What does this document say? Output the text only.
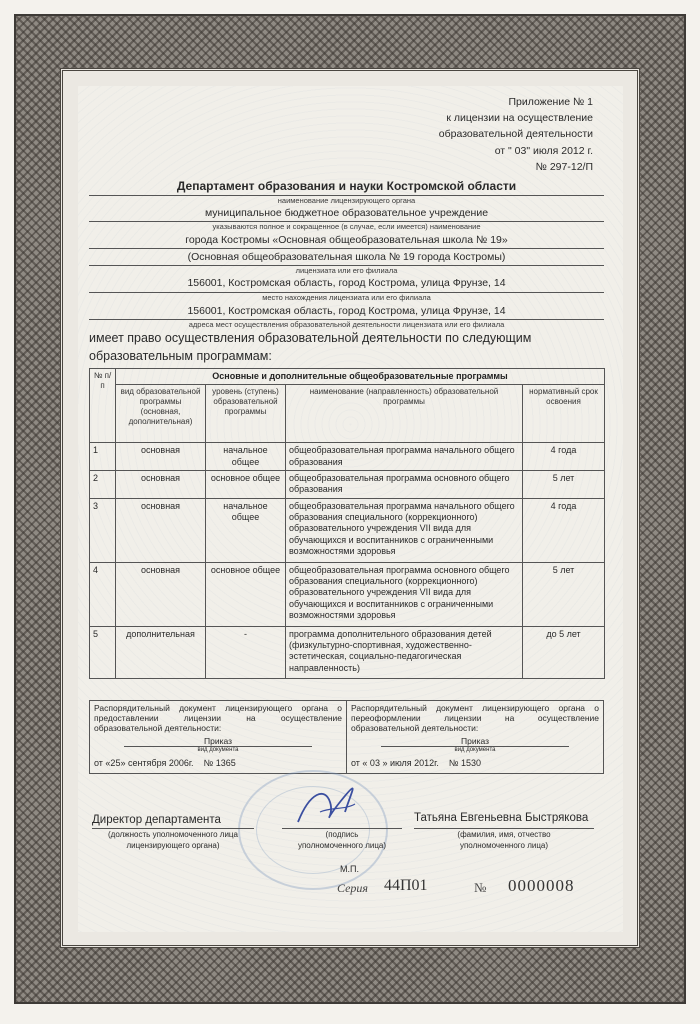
Приложение № 1
к лицензии на осуществление
образовательной деятельности
от " 03" июля 2012 г.
№ 297-12/П
Департамент образования и науки Костромской области
наименование лицензирующего органа
муниципальное бюджетное образовательное учреждение
указываются полное и сокращенное (в случае, если имеется) наименование
города Костромы «Основная общеобразовательная школа № 19»
(Основная общеобразовательная школа № 19 города Костромы)
лицензиата или его филиала
156001, Костромская область, город Кострома, улица Фрунзе, 14
место нахождения лицензиата или его филиала
156001, Костромская область, город Кострома, улица Фрунзе, 14
адреса мест осуществления образовательной деятельности лицензиата или его филиала
имеет право осуществления образовательной деятельности по следующим
образовательным программам:
№ п/п	Основные и дополнительные общеобразовательные программы			
	вид образовательной программы (основная, дополнительная)	уровень (ступень) образовательной программы	наименование (направленность) образовательной программы	нормативный срок освоения
1	основная	начальное общее	общеобразовательная программа начального общего образования	4 года
2	основная	основное общее	общеобразовательная программа основного общего образования	5 лет
3	основная	начальное общее	общеобразовательная программа начального общего образования специального (коррекционного) образовательного учреждения VII вида для обучающихся и воспитанников с ограниченными возможностями здоровья	4 года
4	основная	основное общее	общеобразовательная программа основного общего образования специального (коррекционного) образовательного учреждения VII вида для обучающихся и воспитанников с ограниченными возможностями здоровья	5 лет
5	дополнительная	-	программа дополнительного образования детей (физкультурно-спортивная, художественно-эстетическая, социально-педагогическая направленность)	до 5 лет
Распорядительный документ лицензирующего органа о предоставлении лицензии на осуществление образовательной деятельности:
Приказ
вид документа
от «25» сентября 2006г. № 1365
Распорядительный документ лицензирующего органа о переоформлении лицензии на осуществление образовательной деятельности:
Приказ
вид документа
от « 03 » июля 2012г. № 1530
Директор департамента
(должность уполномоченного лица
лицензирующего органа)
(подпись
уполномоченного лица)
Татьяна Евгеньевна Быстрякова
(фамилия, имя, отчество
уполномоченного лица)
М.П.
Серия 44П01	№ 0000008
